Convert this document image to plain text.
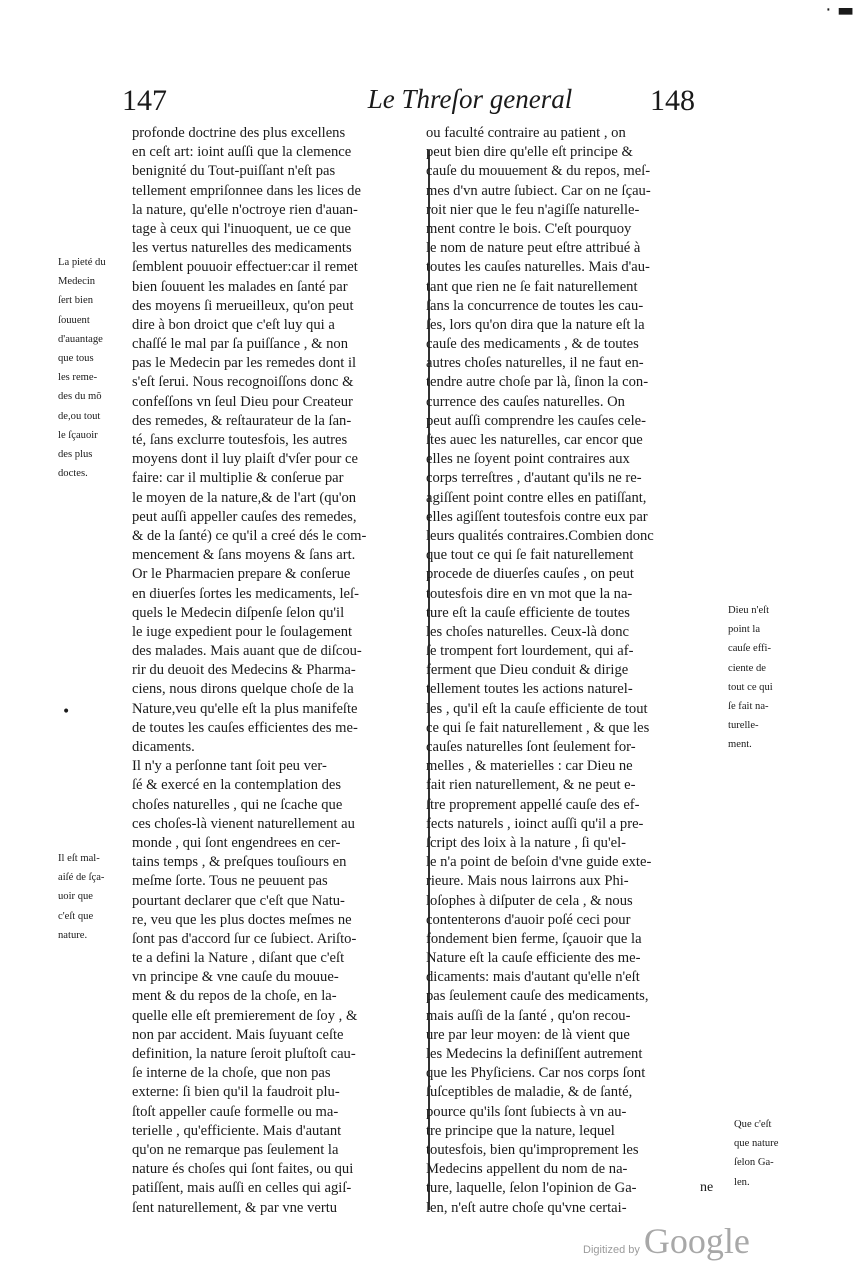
‧ ▬
147	Le Threſor general	148
profonde doctrine des plus excellens
en ceſt art: ioint auſſi que la clemence
benignité du Tout-puiſſant n'eſt pas
tellement empriſonnee dans les lices de
la nature, qu'elle n'octroye rien d'auan-
tage à ceux qui l'inuoquent, ue ce que
les vertus naturelles des medicaments
ſemblent pouuoir effectuer:car il remet
bien ſouuent les malades en ſanté par
des moyens ſi merueilleux, qu'on peut
dire à bon droict que c'eſt luy qui a
chaſſé le mal par ſa puiſſance , & non
pas le Medecin par les remedes dont il
s'eſt ſerui. Nous recognoiſſons donc &
confeſſons vn ſeul Dieu pour Createur
des remedes, & reſtaurateur de la ſan-
té, ſans exclurre toutesfois, les autres
moyens dont il luy plaiſt d'vſer pour ce
faire: car il multiplie & conſerue par
le moyen de la nature,& de l'art (qu'on
peut auſſi appeller cauſes des remedes,
& de la ſanté) ce qu'il a creé dés le com-
mencement & ſans moyens & ſans art.
Or le Pharmacien prepare & conſerue
en diuerſes ſortes les medicaments, leſ-
quels le Medecin diſpenſe ſelon qu'il
le iuge expedient pour le ſoulagement
des malades. Mais auant que de diſcou-
rir du deuoit des Medecins & Pharma-
ciens, nous dirons quelque choſe de la
Nature,veu qu'elle eſt la plus manifeſte
de toutes les cauſes efficientes des me-
dicaments.
Il n'y a perſonne tant ſoit peu ver-
ſé & exercé en la contemplation des
choſes naturelles , qui ne ſcache que
ces choſes-là vienent naturellement au
monde , qui ſont engendrees en cer-
tains temps , & preſques touſiours en
meſme ſorte. Tous ne peuuent pas
pourtant declarer que c'eſt que Natu-
re, veu que les plus doctes meſmes ne
ſont pas d'accord ſur ce ſubiect. Ariſto-
te a defini la Nature , diſant que c'eſt
vn principe & vne cauſe du mouue-
ment & du repos de la choſe, en la-
quelle elle eſt premierement de ſoy , &
non par accident. Mais ſuyuant ceſte
definition, la nature ſeroit pluſtoſt cau-
ſe interne de la choſe, que non pas
externe: ſi bien qu'il la faudroit plu-
ſtoſt appeller cauſe formelle ou ma-
terielle , qu'efficiente. Mais d'autant
qu'on ne remarque pas ſeulement la
nature és choſes qui ſont faites, ou qui
patiſſent, mais auſſi en celles qui agiſ-
ſent naturellement, & par vne vertu
ou faculté contraire au patient , on
peut bien dire qu'elle eſt principe &
cauſe du mouuement & du repos, meſ-
mes d'vn autre ſubiect. Car on ne ſçau-
roit nier que le feu n'agiſſe naturelle-
ment contre le bois. C'eſt pourquoy
le nom de nature peut eſtre attribué à
toutes les cauſes naturelles. Mais d'au-
tant que rien ne ſe fait naturellement
ſans la concurrence de toutes les cau-
ſes, lors qu'on dira que la nature eſt la
cauſe des medicaments , & de toutes
autres choſes naturelles, il ne faut en-
tendre autre choſe par là, ſinon la con-
currence des cauſes naturelles. On
peut auſſi comprendre les cauſes cele-
ſtes auec les naturelles, car encor que
elles ne ſoyent point contraires aux
corps terreſtres , d'autant qu'ils ne re-
agiſſent point contre elles en patiſſant,
elles agiſſent toutesfois contre eux par
leurs qualités contraires.Combien donc
que tout ce qui ſe fait naturellement
procede de diuerſes cauſes , on peut
toutesfois dire en vn mot que la na-
ture eſt la cauſe efficiente de toutes
les choſes naturelles. Ceux-là donc
ſe trompent fort lourdement, qui af-
ferment que Dieu conduit & dirige
tellement toutes les actions naturel-
les , qu'il eſt la cauſe efficiente de tout
ce qui ſe fait naturellement , & que les
cauſes naturelles ſont ſeulement for-
melles , & materielles : car Dieu ne
fait rien naturellement, & ne peut e-
ſtre proprement appellé cauſe des ef-
fects naturels , ioinct auſſi qu'il a pre-
ſcript des loix à la nature , ſi qu'el-
le n'a point de beſoin d'vne guide exte-
rieure. Mais nous lairrons aux Phi-
loſophes à diſputer de cela , & nous
contenterons d'auoir poſé ceci pour
fondement bien ferme, ſçauoir que la
Nature eſt la cauſe efficiente des me-
dicaments: mais d'autant qu'elle n'eſt
pas ſeulement cauſe des medicaments,
mais auſſi de la ſanté , qu'on recou-
ure par leur moyen: de là vient que
les Medecins la definiſſent autrement
que les Phyſiciens. Car nos corps ſont
ſuſceptibles de maladie, & de ſanté,
pource qu'ils ſont ſubiects à vn au-
tre principe que la nature, lequel
toutesfois, bien qu'improprement les
Medecins appellent du nom de na-
ture, laquelle, ſelon l'opinion de Ga-
len, n'eſt autre choſe qu'vne certai-
La pieté du
Medecin
ſert bien
ſouuent
d'auantage
que tous
les reme-
des du mõ
de,ou tout
le ſçauoir
des plus
doctes.
Il eſt mal-
aiſé de ſça-
uoir que
c'eſt que
nature.
Dieu n'eſt
point la
cauſe effi-
ciente de
tout ce qui
ſe fait na-
turelle-
ment.
Que c'eſt
que nature
ſelon Ga-
len.
•
ne
Digitized by Google
